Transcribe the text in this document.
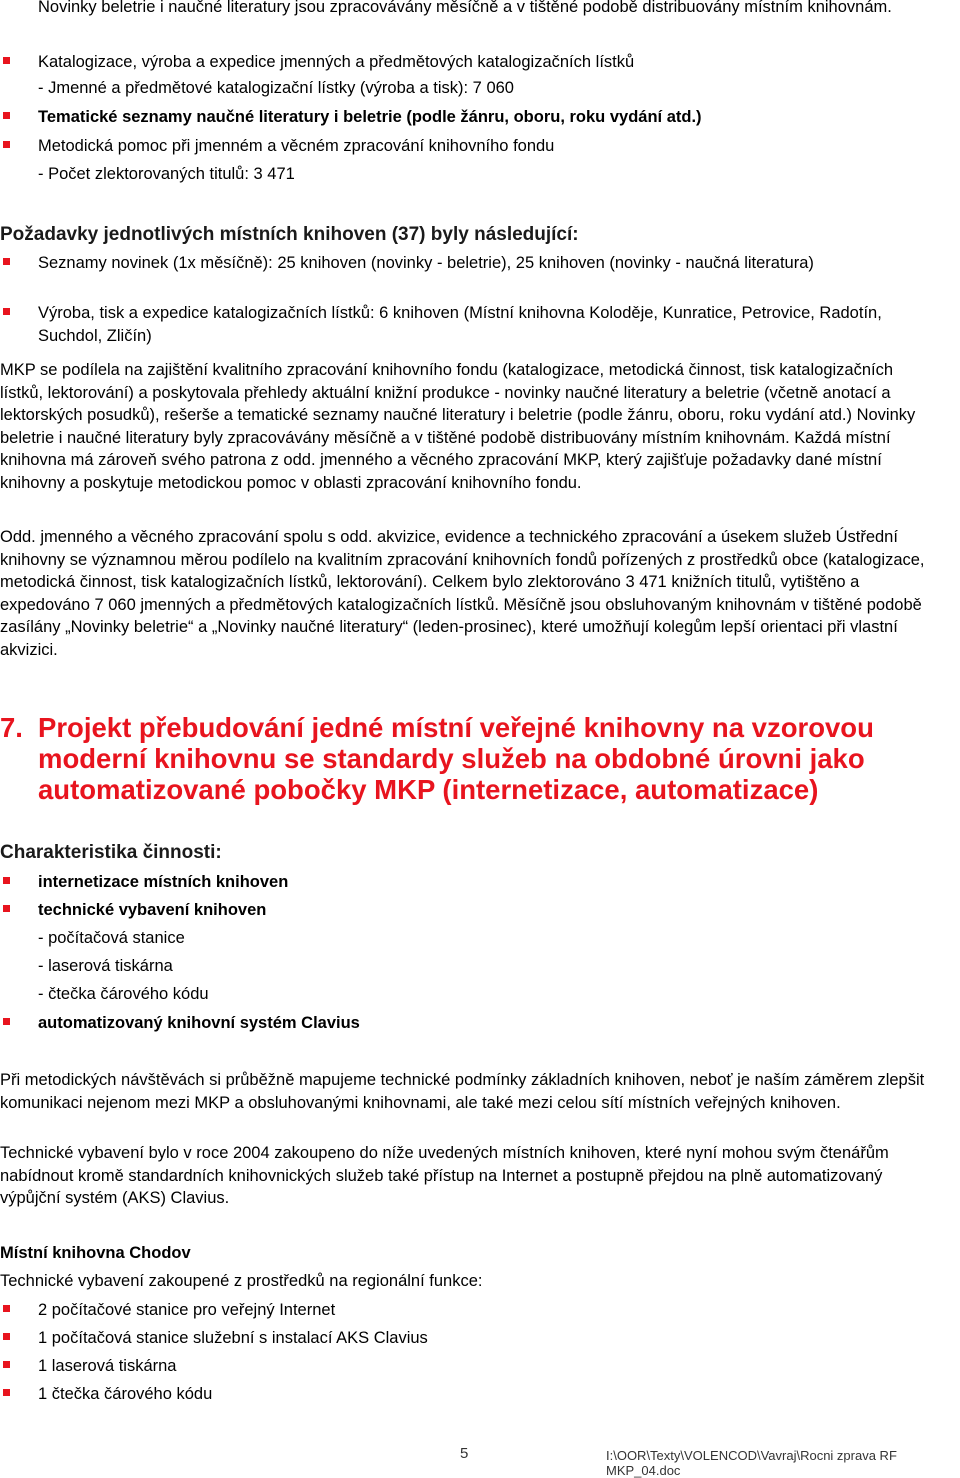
Novinky beletrie i naučné literatury jsou zpracovávány měsíčně a v tištěné podobě distribuovány místním knihovnám.
Katalogizace, výroba a expedice jmenných a předmětových katalogizačních lístků
- Jmenné a předmětové katalogizační lístky (výroba a tisk): 7 060
Tematické seznamy naučné literatury i beletrie (podle žánru, oboru, roku vydání atd.)
Metodická pomoc při jmenném a věcném zpracování knihovního fondu
- Počet zlektorovaných titulů: 3 471
Požadavky jednotlivých místních knihoven (37) byly následující:
Seznamy novinek (1x měsíčně): 25 knihoven (novinky - beletrie), 25 knihoven (novinky - naučná literatura)
Výroba, tisk a expedice katalogizačních lístků: 6 knihoven (Místní knihovna Koloděje, Kunratice, Petrovice, Radotín, Suchdol, Zličín)
MKP se podílela na zajištění kvalitního zpracování knihovního fondu (katalogizace, metodická činnost, tisk katalogizačních lístků, lektorování) a poskytovala přehledy aktuální knižní produkce - novinky naučné literatury a beletrie (včetně anotací a lektorských posudků), rešerše a tematické seznamy naučné literatury i beletrie (podle žánru, oboru, roku vydání atd.) Novinky beletrie i naučné literatury byly zpracovávány měsíčně a v tištěné podobě distribuovány místním knihovnám. Každá místní knihovna má zároveň svého patrona z odd. jmenného a věcného zpracování MKP, který zajišťuje požadavky dané místní knihovny a poskytuje metodickou pomoc v oblasti zpracování knihovního fondu.
Odd. jmenného a věcného zpracování spolu s odd. akvizice, evidence a technického zpracování a úsekem služeb Ústřední knihovny se významnou měrou podílelo na kvalitním zpracování knihovních fondů pořízených z prostředků obce (katalogizace, metodická činnost, tisk katalogizačních lístků, lektorování). Celkem bylo zlektorováno 3 471 knižních titulů, vytištěno a expedováno 7 060 jmenných a předmětových katalogizačních lístků. Měsíčně jsou obsluhovaným knihovnám v tištěné podobě zasílány „Novinky beletrie“ a „Novinky naučné literatury“ (leden-prosinec), které umožňují kolegům lepší orientaci při vlastní akvizici.
7. Projekt přebudování jedné místní veřejné knihovny na vzorovou moderní knihovnu se standardy služeb na obdobné úrovni jako automatizované pobočky MKP (internetizace, automatizace)
Charakteristika činnosti:
internetizace místních knihoven
technické vybavení knihoven
- počítačová stanice
- laserová tiskárna
- čtečka čárového kódu
automatizovaný knihovní systém Clavius
Při metodických návštěvách si průběžně mapujeme technické podmínky základních knihoven, neboť je naším záměrem zlepšit komunikaci nejenom mezi MKP a obsluhovanými knihovnami, ale také mezi celou sítí místních veřejných knihoven.
Technické vybavení bylo v roce 2004 zakoupeno do níže uvedených místních knihoven, které nyní mohou svým čtenářům nabídnout kromě standardních knihovnických služeb také přístup na Internet a postupně přejdou na plně automatizovaný výpůjční systém (AKS) Clavius.
Místní knihovna Chodov
Technické vybavení zakoupené z prostředků na regionální funkce:
2 počítačové stanice pro veřejný Internet
1 počítačová stanice služební s instalací AKS Clavius
1 laserová tiskárna
1 čtečka čárového kódu
5	I:\OOR\Texty\VOLENCOD\Vavraj\Rocni zprava RF MKP_04.doc
